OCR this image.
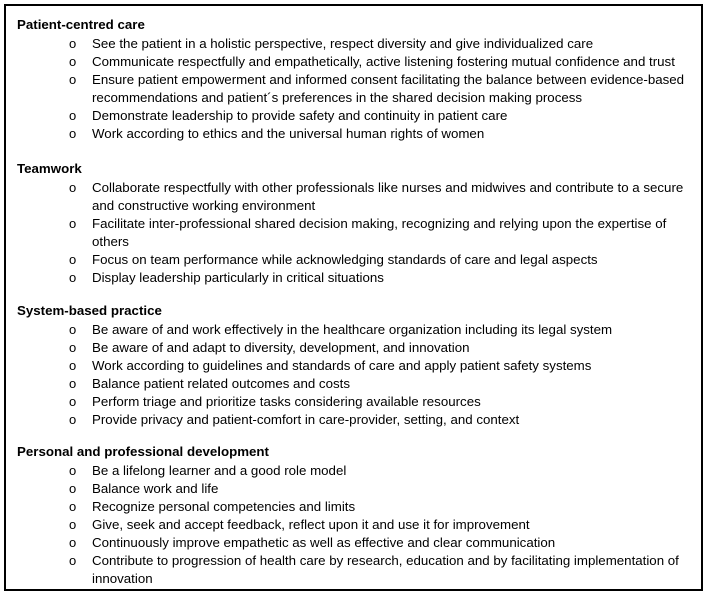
Patient-centred care
o See the patient in a holistic perspective, respect diversity and give individualized care
o Communicate respectfully and empathetically, active listening fostering mutual confidence and trust
o Ensure patient empowerment and informed consent facilitating the balance between evidence-based recommendations and patient´s preferences in the shared decision making process
o Demonstrate leadership to provide safety and continuity in patient care
o Work according to ethics and the universal human rights of women
Teamwork
o Collaborate respectfully with other professionals like nurses and midwives and contribute to a secure and constructive working environment
o Facilitate inter-professional shared decision making, recognizing and relying upon the expertise of others
o Focus on team performance while acknowledging standards of care and legal aspects
o Display leadership particularly in critical situations
System-based practice
o Be aware of and work effectively in the healthcare organization including its legal system
o Be aware of and adapt to diversity, development, and innovation
o Work according to guidelines and standards of care and apply patient safety systems
o Balance patient related outcomes and costs
o Perform triage and prioritize tasks considering available resources
o Provide privacy and patient-comfort in care-provider, setting, and context
Personal and professional development
o Be a lifelong learner and a good role model
o Balance work and life
o Recognize personal competencies and limits
o Give, seek and accept feedback, reflect upon it and use it for improvement
o Continuously improve empathetic as well as effective and clear communication
o Contribute to progression of health care by research, education and by facilitating implementation of innovation
